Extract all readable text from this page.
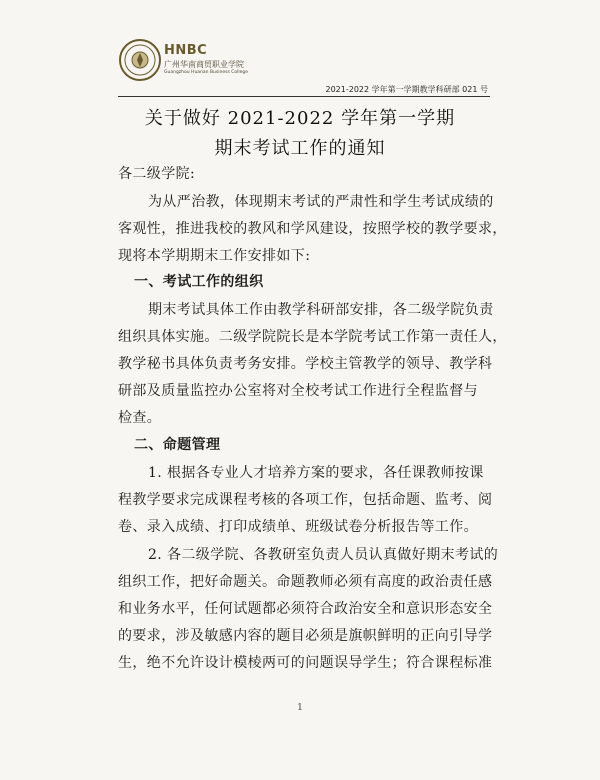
HNBC
广州华南商贸职业学院
Guangzhou Huanan Business College
2021-2022 学年第一学期教学科研部 021 号
关于做好 2021-2022 学年第一学期
期末考试工作的通知
各二级学院:
为从严治教，体现期末考试的严肃性和学生考试成绩的
客观性，推进我校的教风和学风建设，按照学校的教学要求，
现将本学期期末工作安排如下:
一、考试工作的组织
期末考试具体工作由教学科研部安排，各二级学院负责
组织具体实施。二级学院院长是本学院考试工作第一责任人，
教学秘书具体负责考务安排。学校主管教学的领导、教学科
研部及质量监控办公室将对全校考试工作进行全程监督与
检查。
二、命题管理
1. 根据各专业人才培养方案的要求，各任课教师按课
程教学要求完成课程考核的各项工作，包括命题、监考、阅
卷、录入成绩、打印成绩单、班级试卷分析报告等工作。
2. 各二级学院、各教研室负责人员认真做好期末考试的
组织工作，把好命题关。命题教师必须有高度的政治责任感
和业务水平，任何试题都必须符合政治安全和意识形态安全
的要求，涉及敏感内容的题目必须是旗帜鲜明的正向引导学
生，绝不允许设计模棱两可的问题误导学生；符合课程标准
1
